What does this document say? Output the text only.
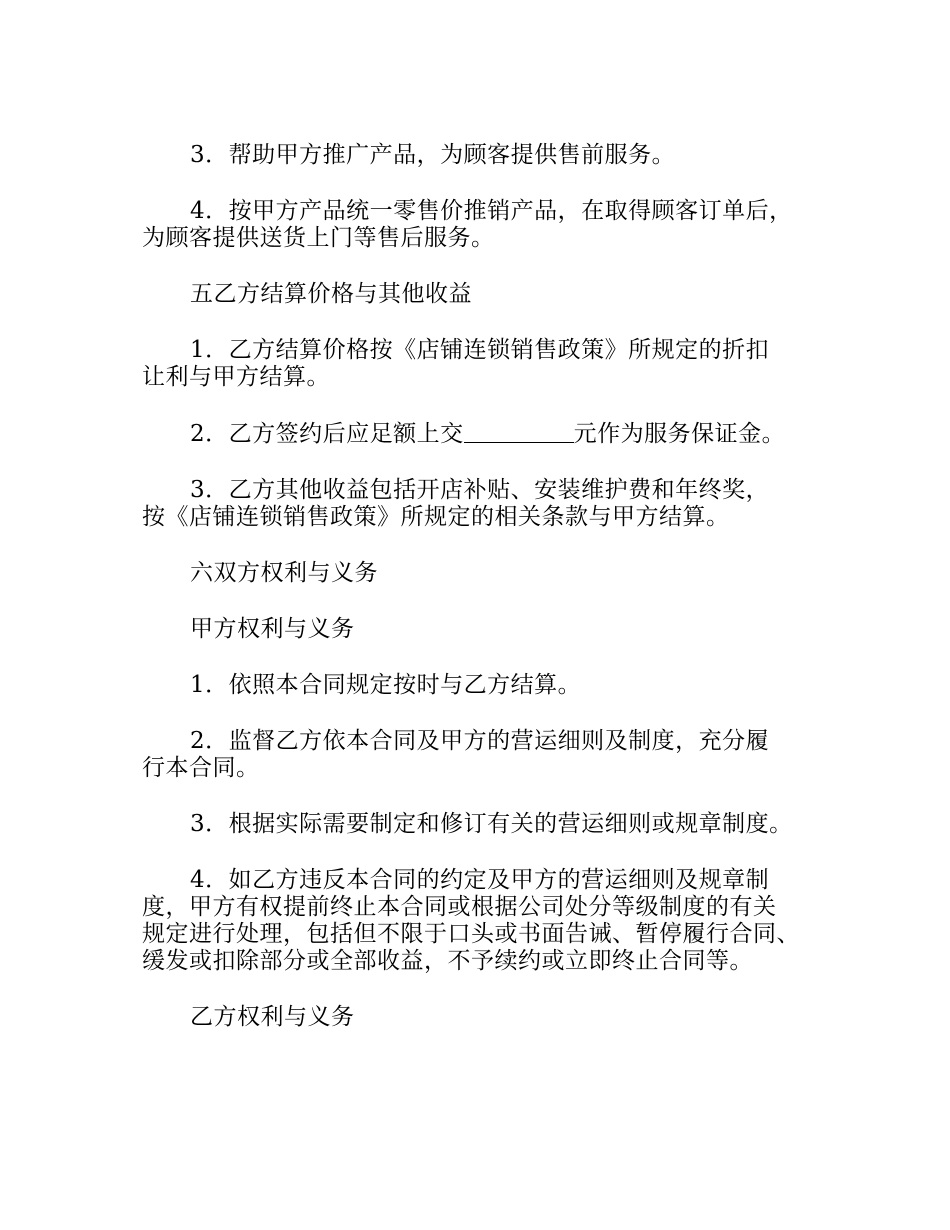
3．帮助甲方推广产品，为顾客提供售前服务。

4．按甲方产品统一零售价推销产品，在取得顾客订单后，
为顾客提供送货上门等售后服务。

五乙方结算价格与其他收益

1．乙方结算价格按《店铺连锁销售政策》所规定的折扣
让利与甲方结算。

2．乙方签约后应足额上交	元作为服务保证金。

3．乙方其他收益包括开店补贴、安装维护费和年终奖，
按《店铺连锁销售政策》所规定的相关条款与甲方结算。

六双方权利与义务

甲方权利与义务

1．依照本合同规定按时与乙方结算。

2．监督乙方依本合同及甲方的营运细则及制度，充分履
行本合同。

3．根据实际需要制定和修订有关的营运细则或规章制度。

4．如乙方违反本合同的约定及甲方的营运细则及规章制
度，甲方有权提前终止本合同或根据公司处分等级制度的有关
规定进行处理，包括但不限于口头或书面告诫、暂停履行合同、
缓发或扣除部分或全部收益，不予续约或立即终止合同等。

乙方权利与义务
